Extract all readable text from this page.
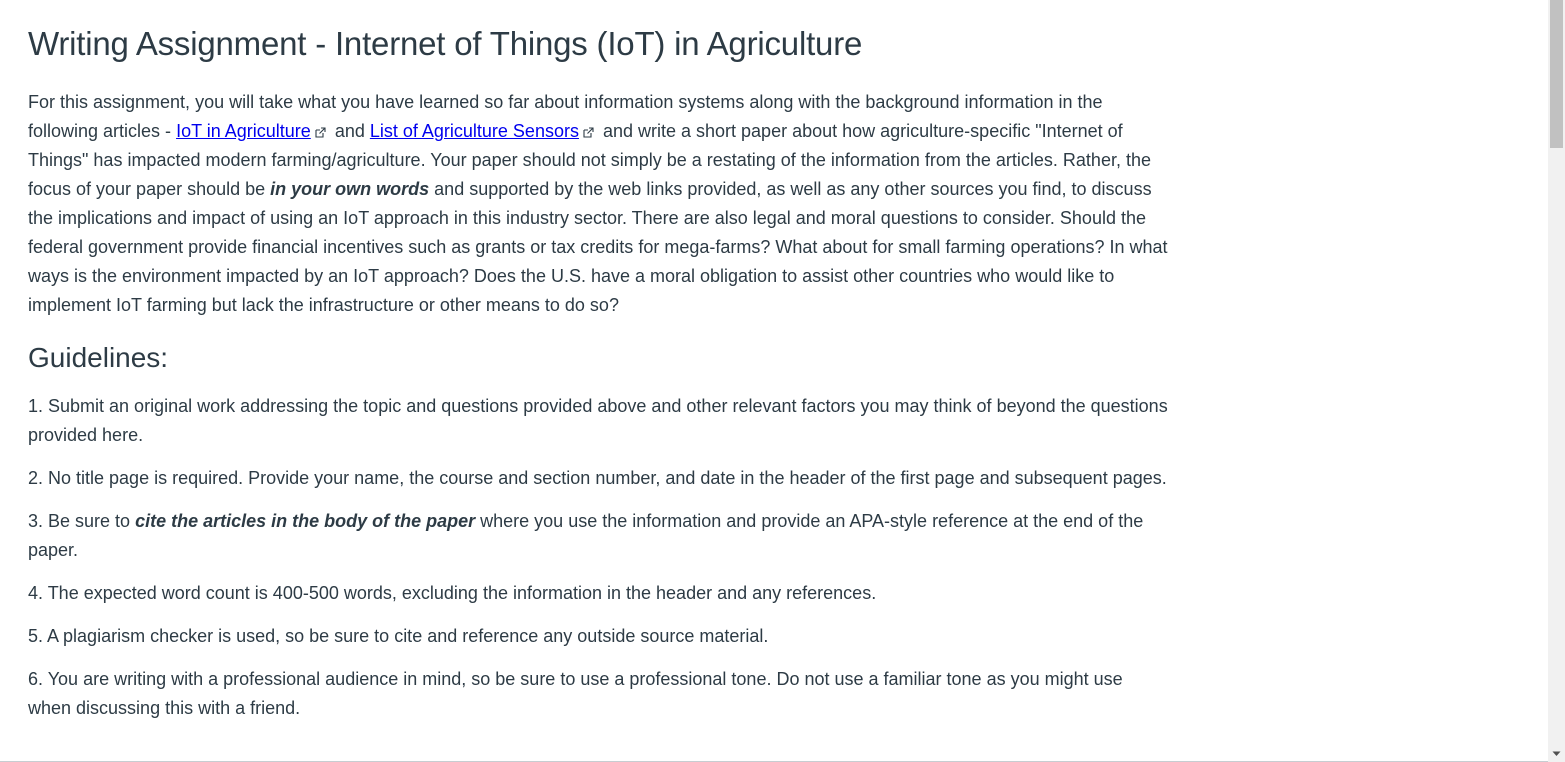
Writing Assignment - Internet of Things (IoT) in Agriculture

For this assignment, you will take what you have learned so far about information systems along with the background information in the following articles - IoT in Agriculture
and List of Agriculture Sensors
and write a short paper about how agriculture-specific "Internet of Things" has impacted modern farming/agriculture. Your paper should not simply be a restating of the information from the articles. Rather, the focus of your paper should be in your own words and supported by the web links provided, as well as any other sources you find, to discuss the implications and impact of using an IoT approach in this industry sector. There are also legal and moral questions to consider. Should the federal government provide financial incentives such as grants or tax credits for mega-farms? What about for small farming operations? In what ways is the environment impacted by an IoT approach? Does the U.S. have a moral obligation to assist other countries who would like to implement IoT farming but lack the infrastructure or other means to do so?

Guidelines:

1. Submit an original work addressing the topic and questions provided above and other relevant factors you may think of beyond the questions provided here.

2. No title page is required. Provide your name, the course and section number, and date in the header of the first page and subsequent pages.

3. Be sure to cite the articles in the body of the paper where you use the information and provide an APA-style reference at the end of the paper.

4. The expected word count is 400-500 words, excluding the information in the header and any references.

5. A plagiarism checker is used, so be sure to cite and reference any outside source material.

6. You are writing with a professional audience in mind, so be sure to use a professional tone. Do not use a familiar tone as you might use when discussing this with a friend.
